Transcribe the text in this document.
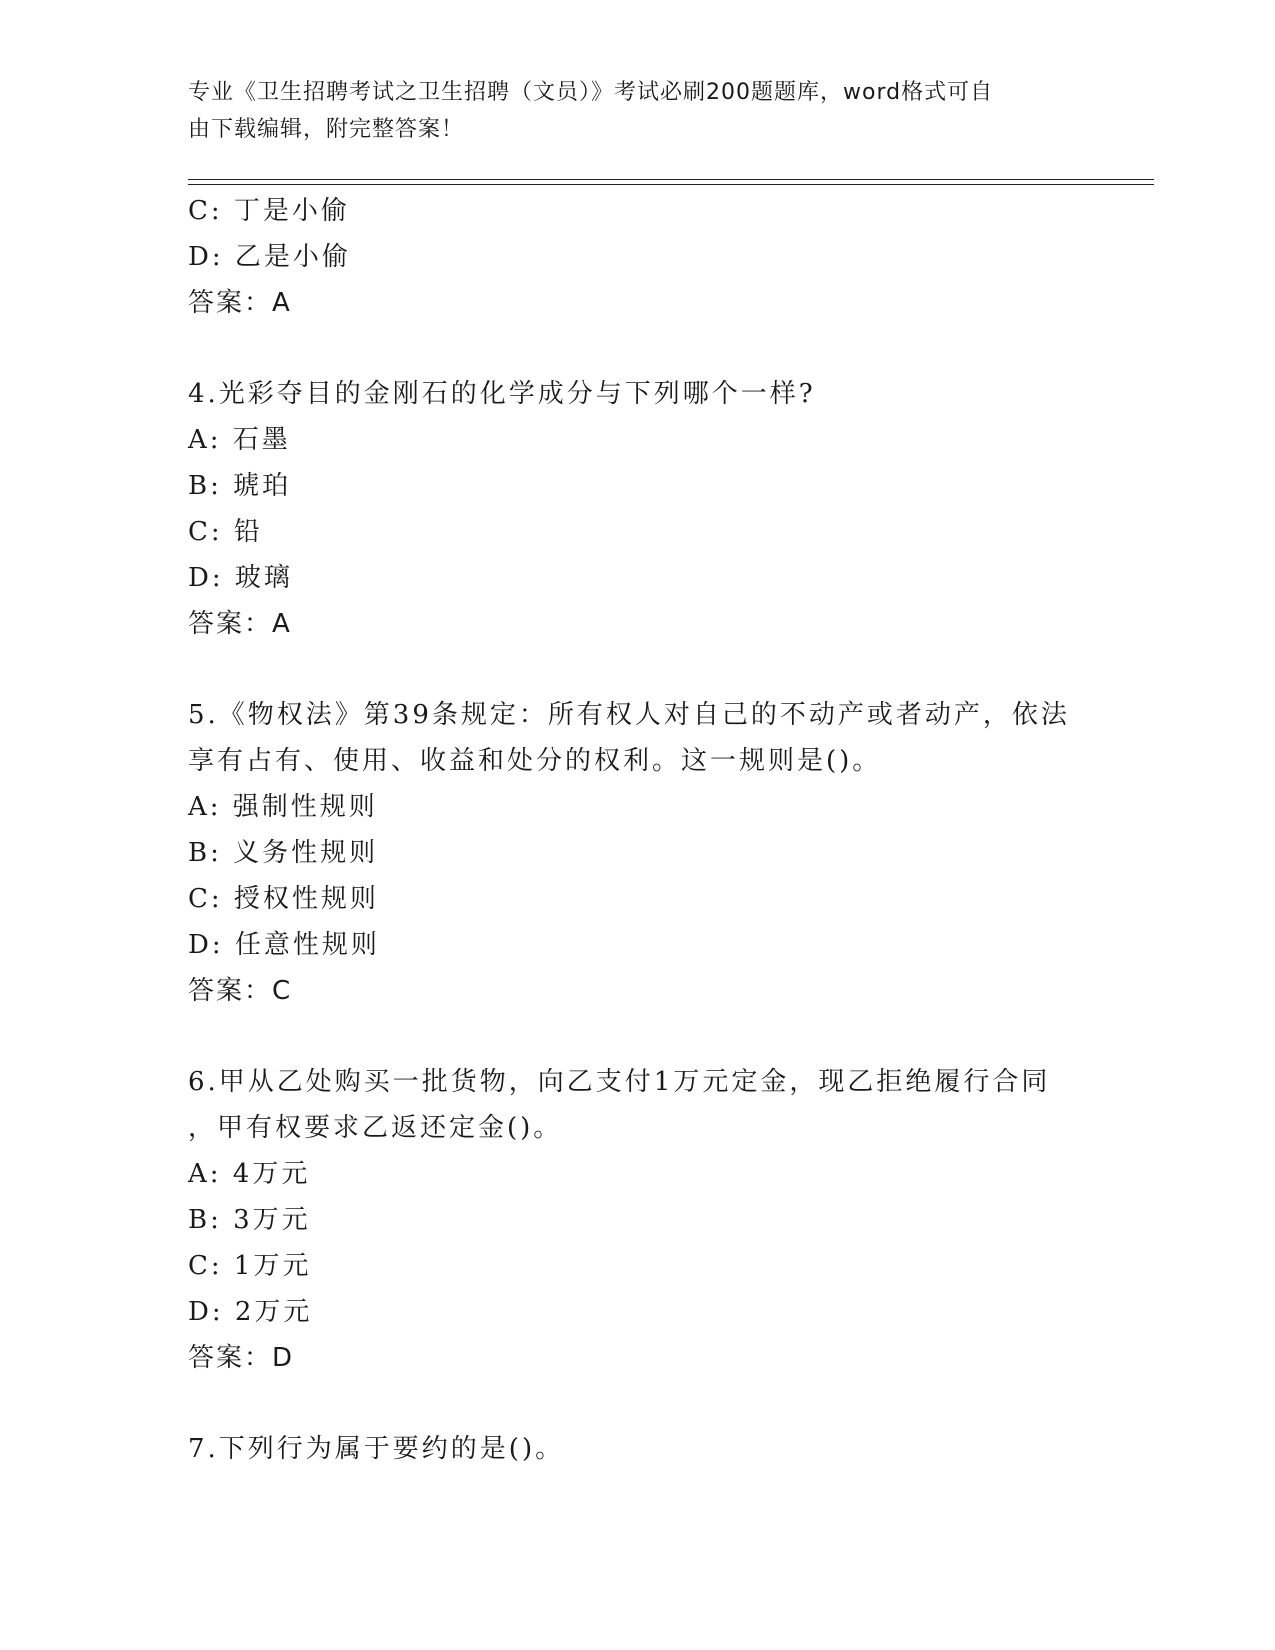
专业《卫生招聘考试之卫生招聘（文员）》考试必刷200题题库，word格式可自
由下载编辑，附完整答案！
C: 丁是小偷
D: 乙是小偷
答案：A
4.光彩夺目的金刚石的化学成分与下列哪个一样?
A: 石墨
B: 琥珀
C: 铅
D: 玻璃
答案：A
5.《物权法》第39条规定：所有权人对自己的不动产或者动产，依法
享有占有、使用、收益和处分的权利。这一规则是()。
A: 强制性规则
B: 义务性规则
C: 授权性规则
D: 任意性规则
答案：C
6.甲从乙处购买一批货物，向乙支付1万元定金，现乙拒绝履行合同
，甲有权要求乙返还定金()。
A: 4万元
B: 3万元
C: 1万元
D: 2万元
答案：D
7.下列行为属于要约的是()。
